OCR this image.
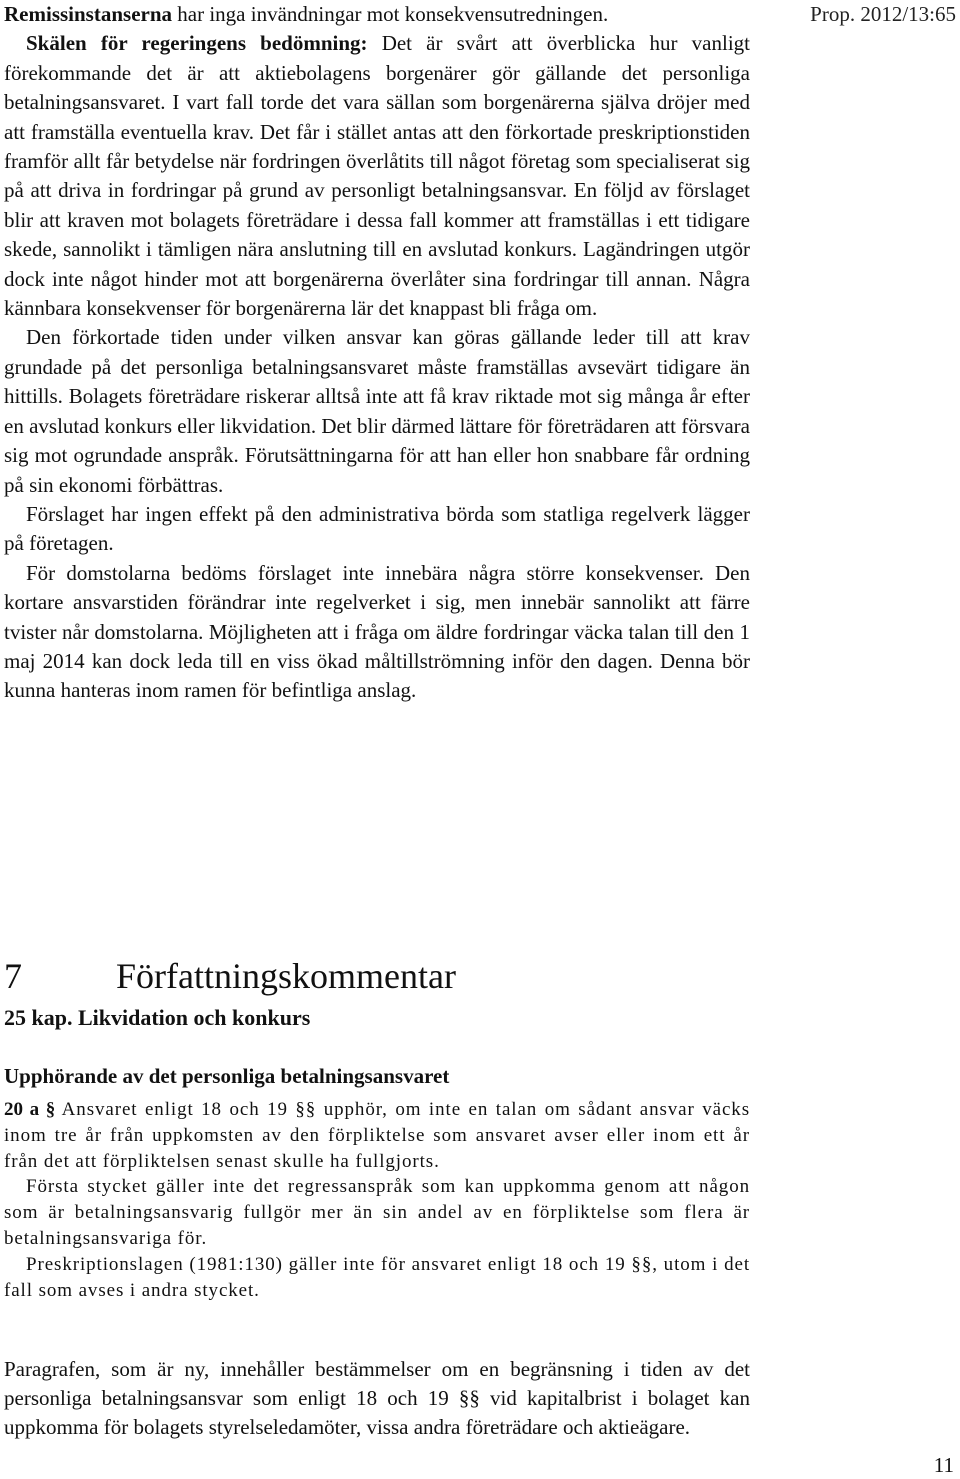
Prop. 2012/13:65

Remissinstanserna har inga invändningar mot konsekvensutredningen.

Skälen för regeringens bedömning: Det är svårt att överblicka hur vanligt förekommande det är att aktiebolagens borgenärer gör gällande det personliga betalningsansvaret. I vart fall torde det vara sällan som borgenärerna själva dröjer med att framställa eventuella krav. Det får i stället antas att den förkortade preskriptionstiden framför allt får betydelse när fordringen överlåtits till något företag som specialiserat sig på att driva in fordringar på grund av personligt betalningsansvar. En följd av förslaget blir att kraven mot bolagets företrädare i dessa fall kommer att framställas i ett tidigare skede, sannolikt i tämligen nära anslutning till en avslutad konkurs. Lagändringen utgör dock inte något hinder mot att borgenärerna överlåter sina fordringar till annan. Några kännbara konsekvenser för borgenärerna lär det knappast bli fråga om.

Den förkortade tiden under vilken ansvar kan göras gällande leder till att krav grundade på det personliga betalningsansvaret måste framställas avsevärt tidigare än hittills. Bolagets företrädare riskerar alltså inte att få krav riktade mot sig många år efter en avslutad konkurs eller likvidation. Det blir därmed lättare för företrädaren att försvara sig mot ogrundade anspråk. Förutsättningarna för att han eller hon snabbare får ordning på sin ekonomi förbättras.

Förslaget har ingen effekt på den administrativa börda som statliga regelverk lägger på företagen.

För domstolarna bedöms förslaget inte innebära några större konsekvenser. Den kortare ansvarstiden förändrar inte regelverket i sig, men innebär sannolikt att färre tvister når domstolarna. Möjligheten att i fråga om äldre fordringar väcka talan till den 1 maj 2014 kan dock leda till en viss ökad måltillströmning inför den dagen. Denna bör kunna hanteras inom ramen för befintliga anslag.

7	Författningskommentar
25 kap. Likvidation och konkurs
Upphörande av det personliga betalningsansvaret

20 a § Ansvaret enligt 18 och 19 §§ upphör, om inte en talan om sådant ansvar väcks inom tre år från uppkomsten av den förpliktelse som ansvaret avser eller inom ett år från det att förpliktelsen senast skulle ha fullgjorts.

Första stycket gäller inte det regressanspråk som kan uppkomma genom att någon som är betalningsansvarig fullgör mer än sin andel av en förpliktelse som flera är betalningsansvariga för.

Preskriptionslagen (1981:130) gäller inte för ansvaret enligt 18 och 19 §§, utom i det fall som avses i andra stycket.

Paragrafen, som är ny, innehåller bestämmelser om en begränsning i tiden av det personliga betalningsansvar som enligt 18 och 19 §§ vid kapitalbrist i bolaget kan uppkomma för bolagets styrelseledamöter, vissa andra företrädare och aktieägare.

11
